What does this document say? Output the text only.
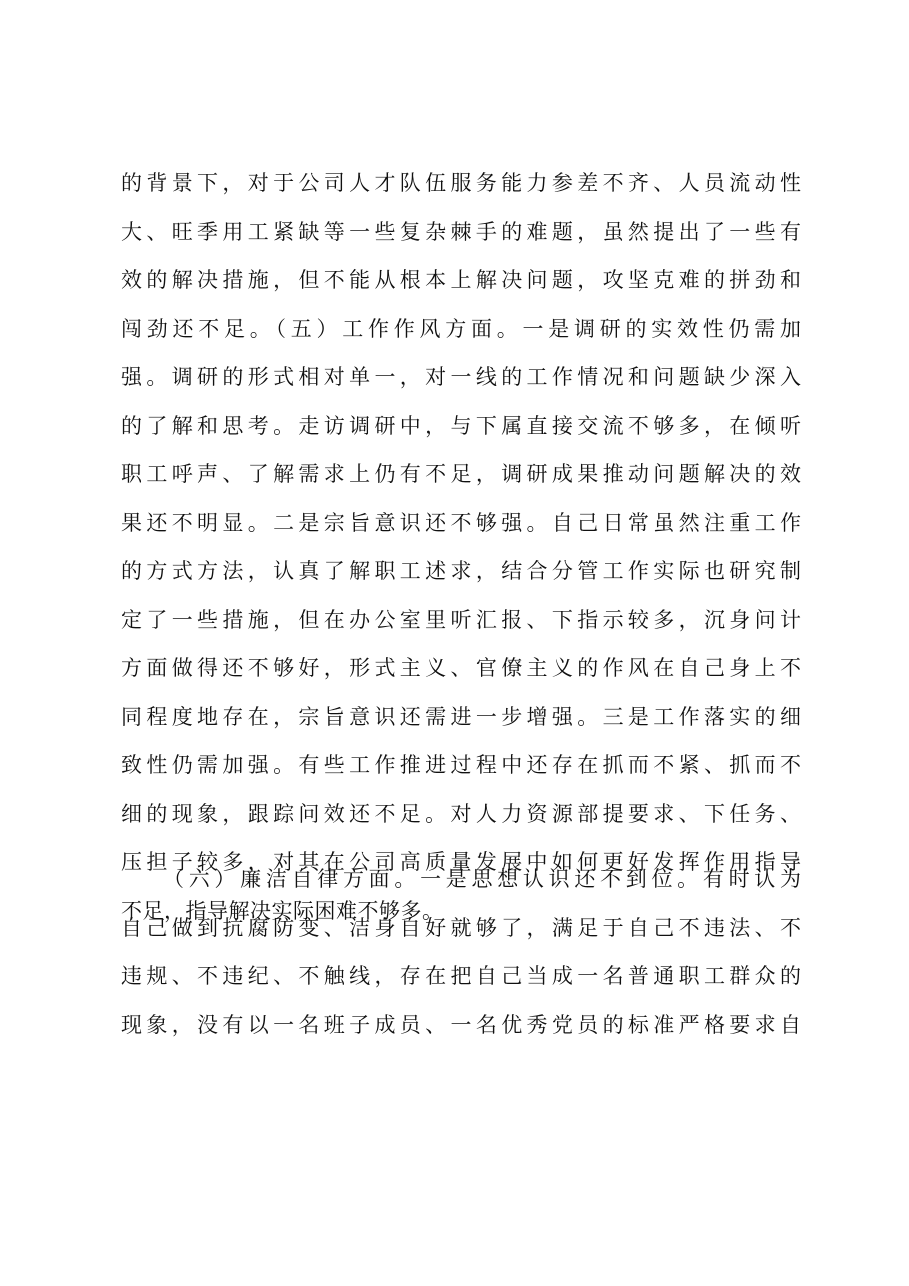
的背景下，对于公司人才队伍服务能力参差不齐、人员流动性
大、旺季用工紧缺等一些复杂棘手的难题，虽然提出了一些有
效的解决措施，但不能从根本上解决问题，攻坚克难的拼劲和
闯劲还不足。（五）工作作风方面。一是调研的实效性仍需加
强。调研的形式相对单一，对一线的工作情况和问题缺少深入
的了解和思考。走访调研中，与下属直接交流不够多，在倾听
职工呼声、了解需求上仍有不足，调研成果推动问题解决的效
果还不明显。二是宗旨意识还不够强。自己日常虽然注重工作
的方式方法，认真了解职工述求，结合分管工作实际也研究制
定了一些措施，但在办公室里听汇报、下指示较多，沉身问计
方面做得还不够好，形式主义、官僚主义的作风在自己身上不
同程度地存在，宗旨意识还需进一步增强。三是工作落实的细
致性仍需加强。有些工作推进过程中还存在抓而不紧、抓而不
细的现象，跟踪问效还不足。对人力资源部提要求、下任务、
压担子较多，对其在公司高质量发展中如何更好发挥作用指导
不足，指导解决实际困难不够多。
（六）廉洁自律方面。一是思想认识还不到位。有时认为
自己做到抗腐防变、洁身自好就够了，满足于自己不违法、不
违规、不违纪、不触线，存在把自己当成一名普通职工群众的
现象，没有以一名班子成员、一名优秀党员的标准严格要求自
